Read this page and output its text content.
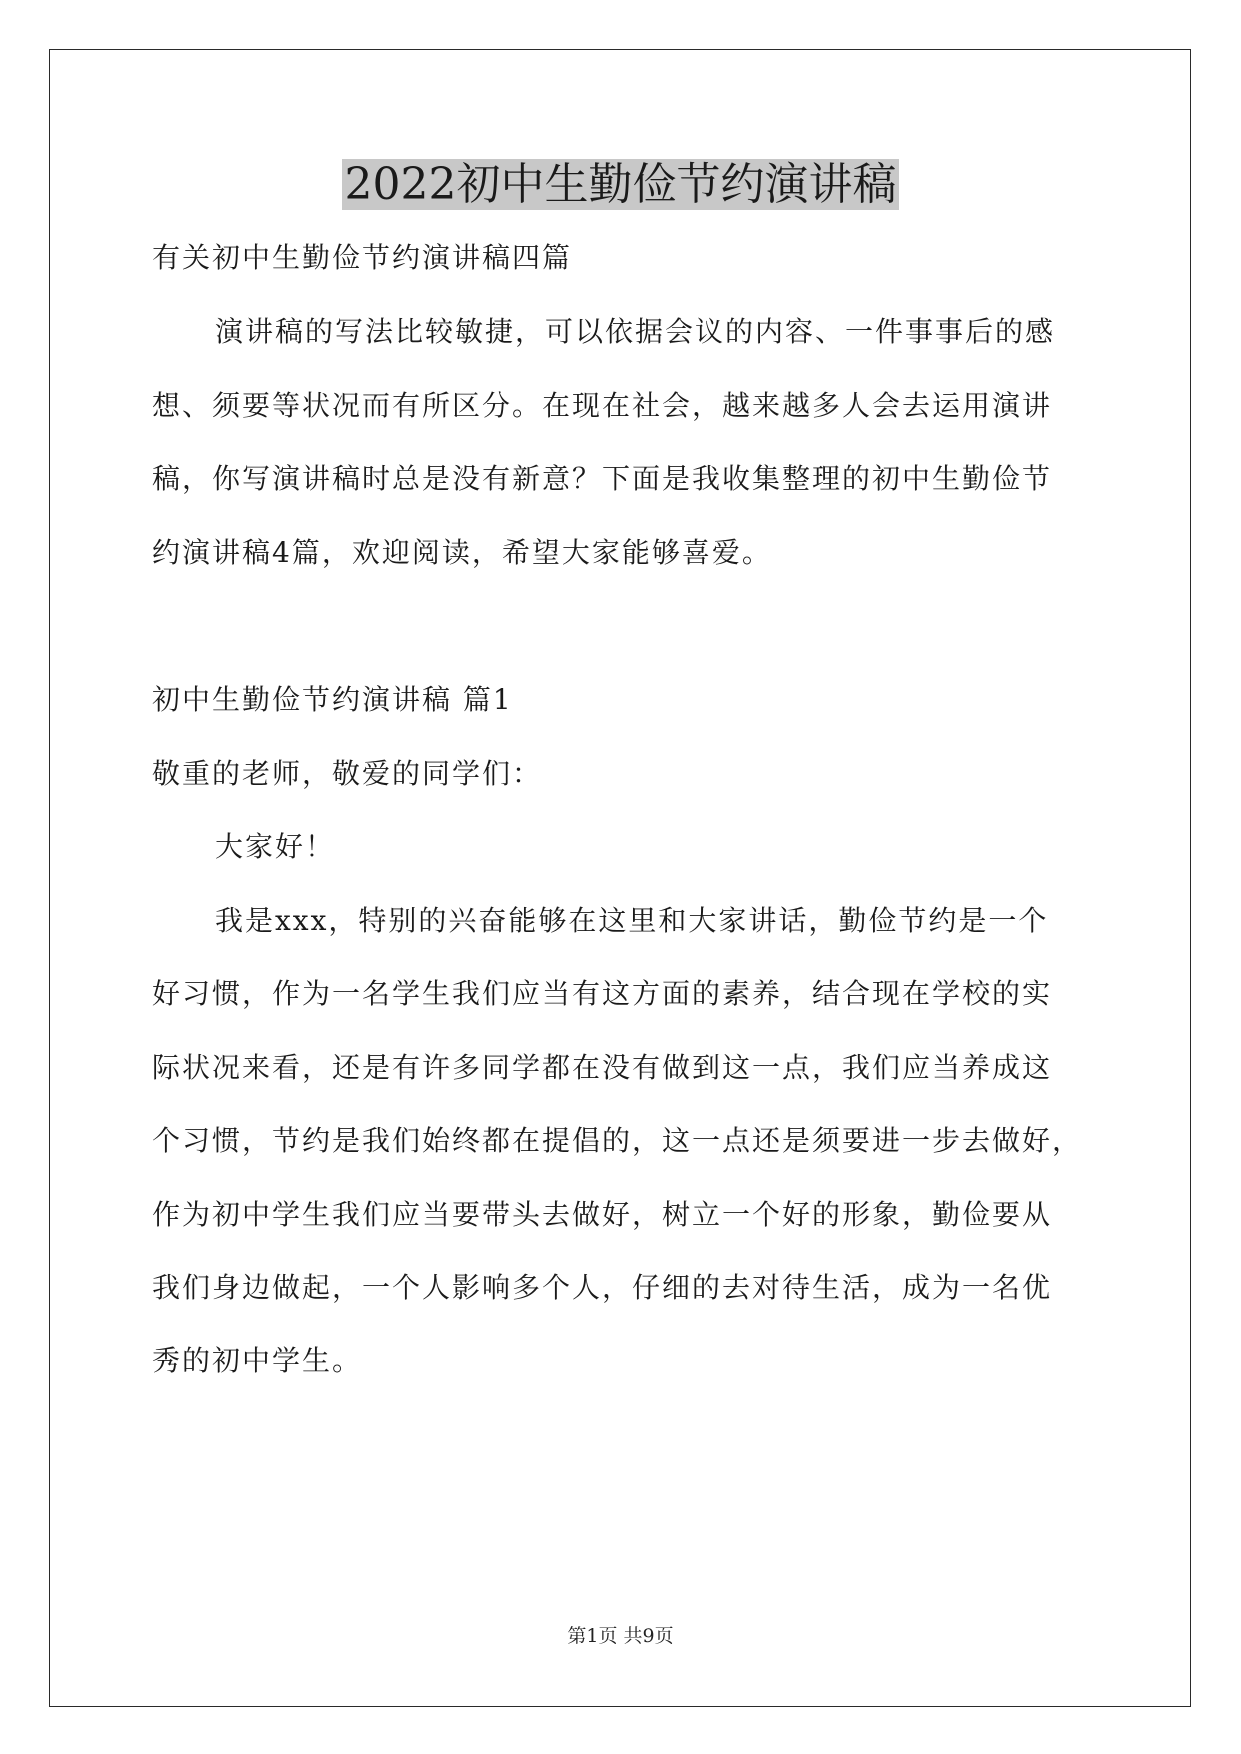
2022初中生勤俭节约演讲稿

有关初中生勤俭节约演讲稿四篇

演讲稿的写法比较敏捷，可以依据会议的内容、一件事事后的感

想、须要等状况而有所区分。在现在社会，越来越多人会去运用演讲

稿，你写演讲稿时总是没有新意？下面是我收集整理的初中生勤俭节

约演讲稿4篇，欢迎阅读，希望大家能够喜爱。

初中生勤俭节约演讲稿 篇1

敬重的老师，敬爱的同学们：

大家好！

我是xxx，特别的兴奋能够在这里和大家讲话，勤俭节约是一个

好习惯，作为一名学生我们应当有这方面的素养，结合现在学校的实

际状况来看，还是有许多同学都在没有做到这一点，我们应当养成这

个习惯，节约是我们始终都在提倡的，这一点还是须要进一步去做好，

作为初中学生我们应当要带头去做好，树立一个好的形象，勤俭要从

我们身边做起，一个人影响多个人，仔细的去对待生活，成为一名优

秀的初中学生。

第1页 共9页
